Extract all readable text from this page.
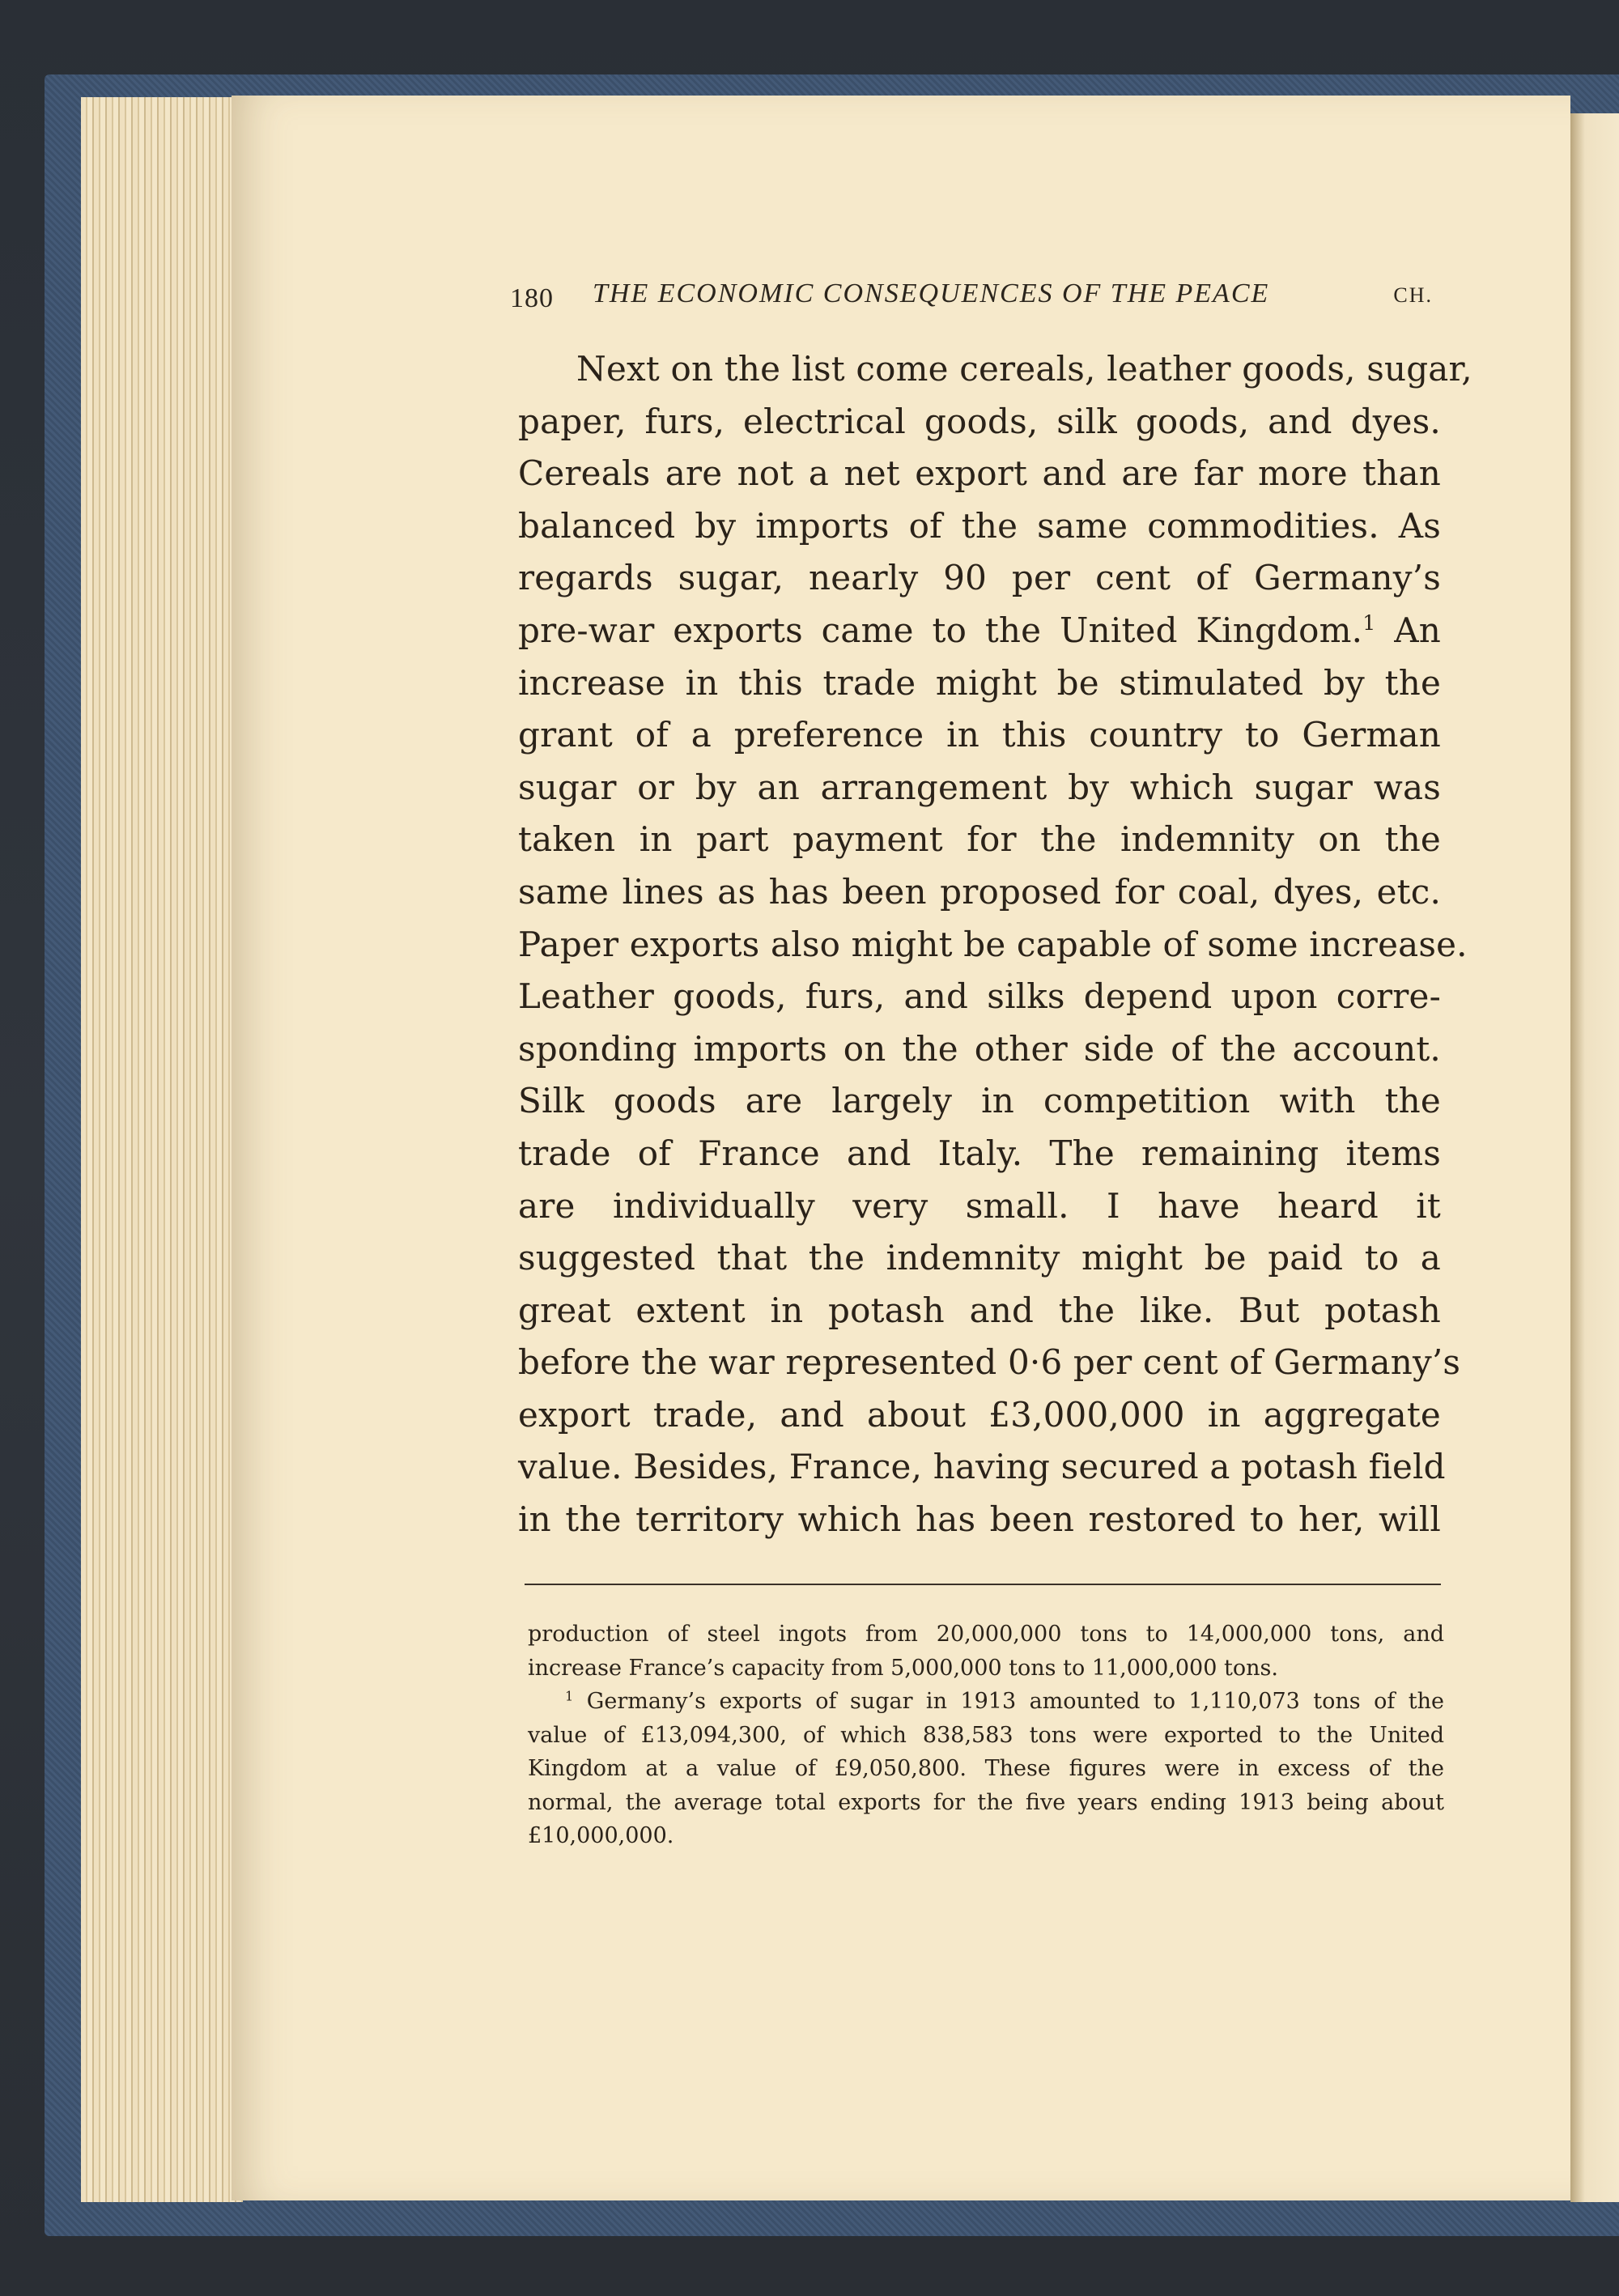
180 THE ECONOMIC CONSEQUENCES OF THE PEACE	CH.
Next on the list come cereals, leather goods, sugar,
paper, furs, electrical goods, silk goods, and dyes.
Cereals are not a net export and are far more than
balanced by imports of the same commodities. As
regards sugar, nearly 90 per cent of Germany’s
pre-war exports came to the United Kingdom.$^1$ An
increase in this trade might be stimulated by the
grant of a preference in this country to German
sugar or by an arrangement by which sugar was
taken in part payment for the indemnity on the
same lines as has been proposed for coal, dyes, etc.
Paper exports also might be capable of some increase.
Leather goods, furs, and silks depend upon corre-
sponding imports on the other side of the account.
Silk goods are largely in competition with the
trade of France and Italy. The remaining items
are individually very small. I have heard it
suggested that the indemnity might be paid to a
great extent in potash and the like. But potash
before the war represented 0·6 per cent of Germany’s
export trade, and about £3,000,000 in aggregate
value. Besides, France, having secured a potash field
in the territory which has been restored to her, will
production of steel ingots from 20,000,000 tons to 14,000,000 tons, and
increase France’s capacity from 5,000,000 tons to 11,000,000 tons.
$^1$ Germany’s exports of sugar in 1913 amounted to 1,110,073 tons of the
value of £13,094,300, of which 838,583 tons were exported to the United
Kingdom at a value of £9,050,800. These figures were in excess of the
normal, the average total exports for the five years ending 1913 being about
£10,000,000.
